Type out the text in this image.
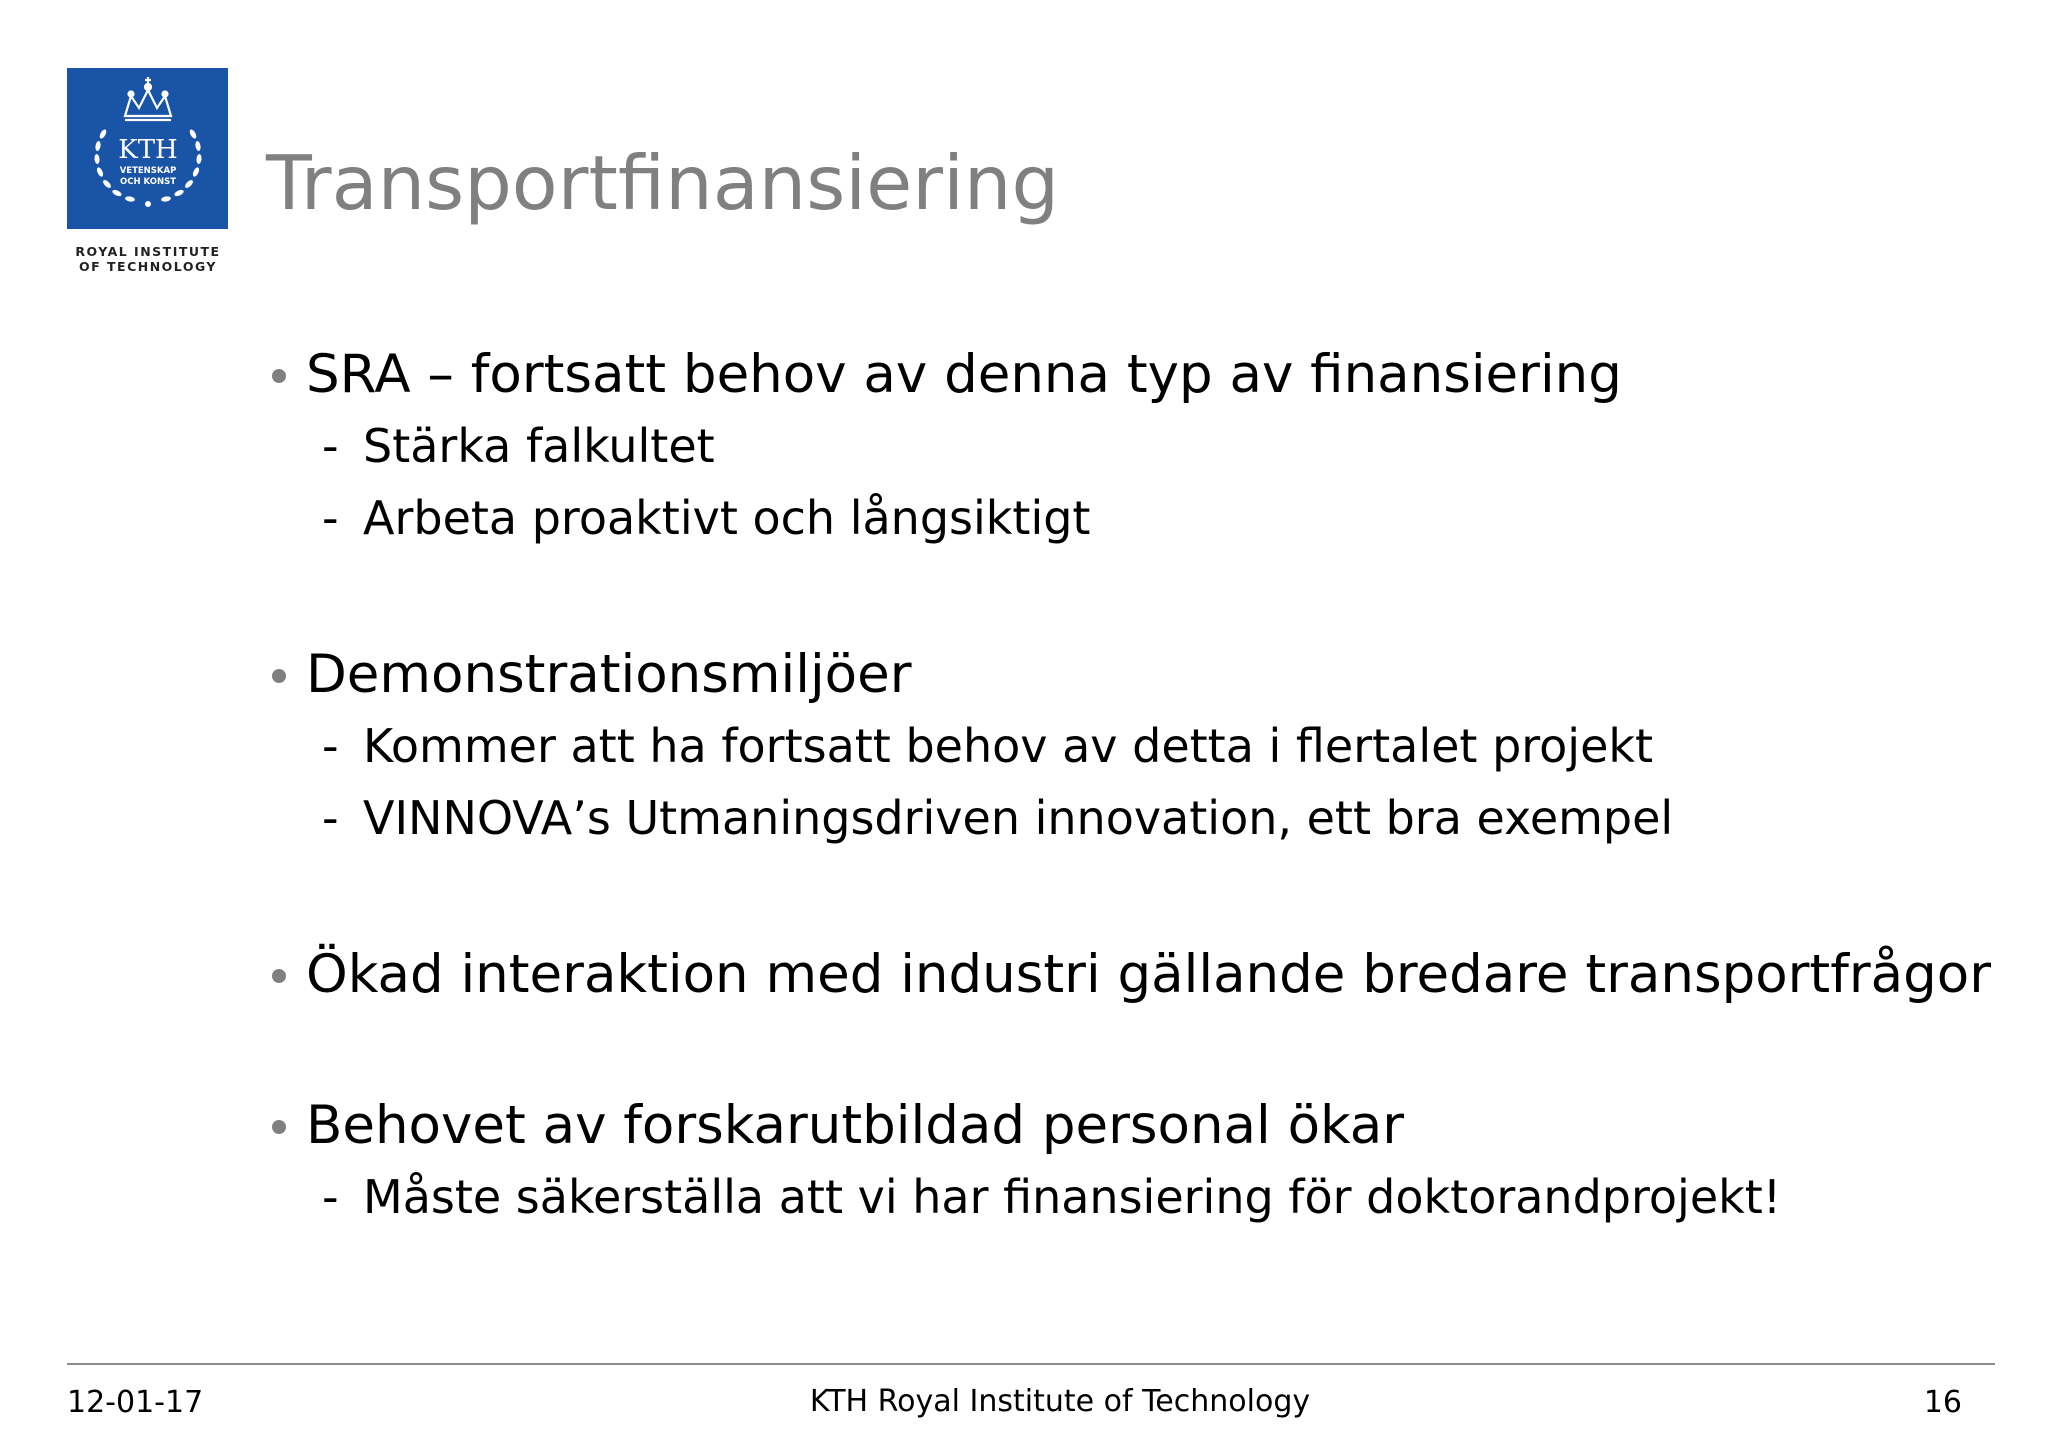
KTH
VETENSKAP
OCH KONST
ROYAL INSTITUTE
OF TECHNOLOGY
Transportfinansiering
SRA – fortsatt behov av denna typ av finansiering
- Stärka falkultet
- Arbeta proaktivt och långsiktigt
Demonstrationsmiljöer
- Kommer att ha fortsatt behov av detta i flertalet projekt
- VINNOVA’s Utmaningsdriven innovation, ett bra exempel
Ökad interaktion med industri gällande bredare transportfrågor
Behovet av forskarutbildad personal ökar
- Måste säkerställa att vi har finansiering för doktorandprojekt!
12-01-17	KTH Royal Institute of Technology	16
